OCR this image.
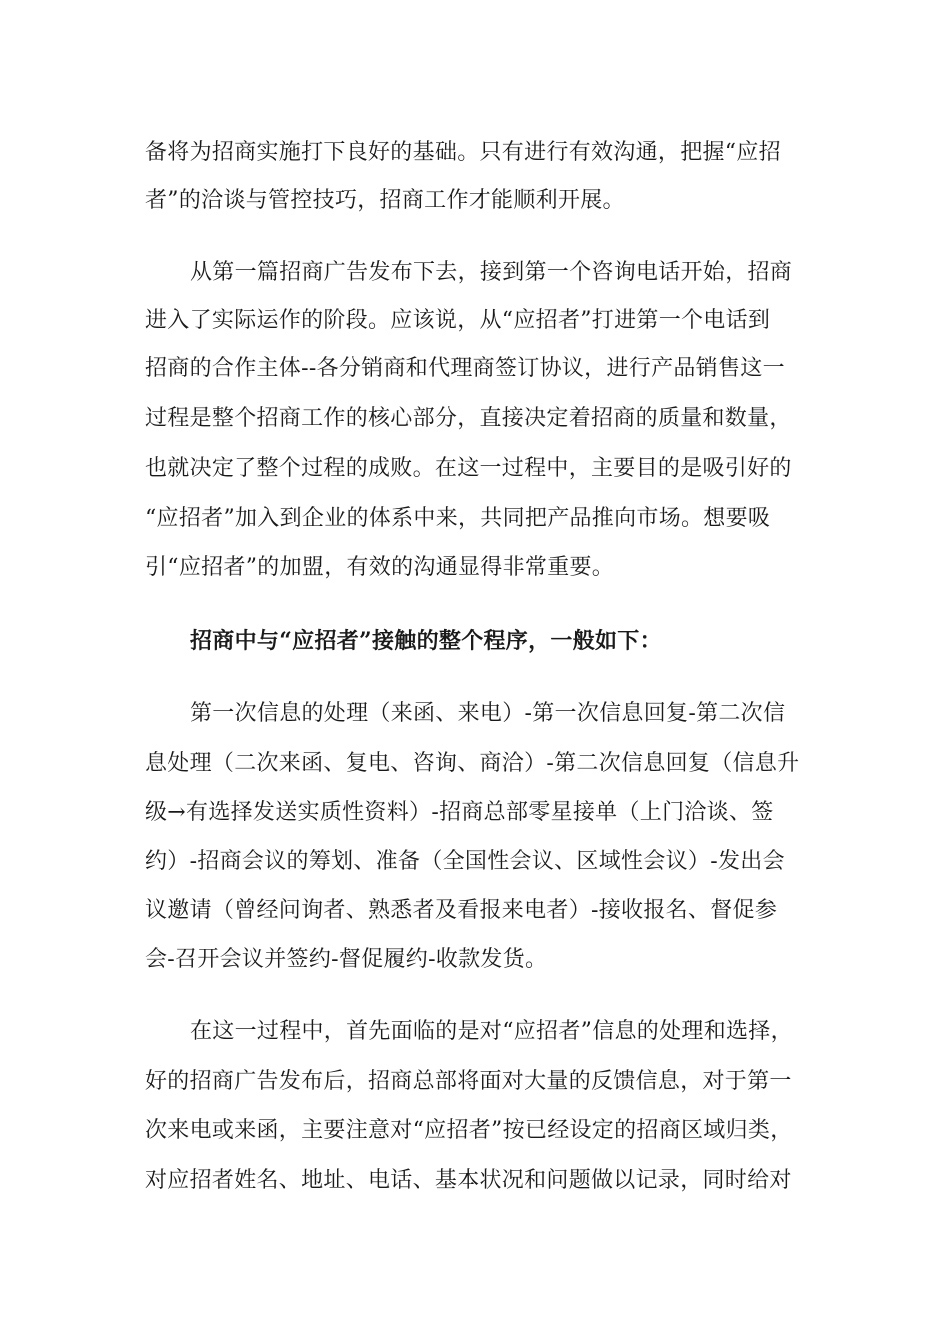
备将为招商实施打下良好的基础。只有进行有效沟通，把握“应招
者”的洽谈与管控技巧，招商工作才能顺利开展。
从第一篇招商广告发布下去，接到第一个咨询电话开始，招商
进入了实际运作的阶段。应该说，从“应招者”打进第一个电话到
招商的合作主体--各分销商和代理商签订协议，进行产品销售这一
过程是整个招商工作的核心部分，直接决定着招商的质量和数量，
也就决定了整个过程的成败。在这一过程中，主要目的是吸引好的
“应招者”加入到企业的体系中来，共同把产品推向市场。想要吸
引“应招者”的加盟，有效的沟通显得非常重要。
招商中与“应招者”接触的整个程序，一般如下：
第一次信息的处理（来函、来电）-第一次信息回复-第二次信
息处理（二次来函、复电、咨询、商洽）-第二次信息回复（信息升
级→有选择发送实质性资料）-招商总部零星接单（上门洽谈、签
约）-招商会议的筹划、准备（全国性会议、区域性会议）-发出会
议邀请（曾经问询者、熟悉者及看报来电者）-接收报名、督促参
会-召开会议并签约-督促履约-收款发货。
在这一过程中，首先面临的是对“应招者”信息的处理和选择，
好的招商广告发布后，招商总部将面对大量的反馈信息，对于第一
次来电或来函，主要注意对“应招者”按已经设定的招商区域归类，
对应招者姓名、地址、电话、基本状况和问题做以记录，同时给对
